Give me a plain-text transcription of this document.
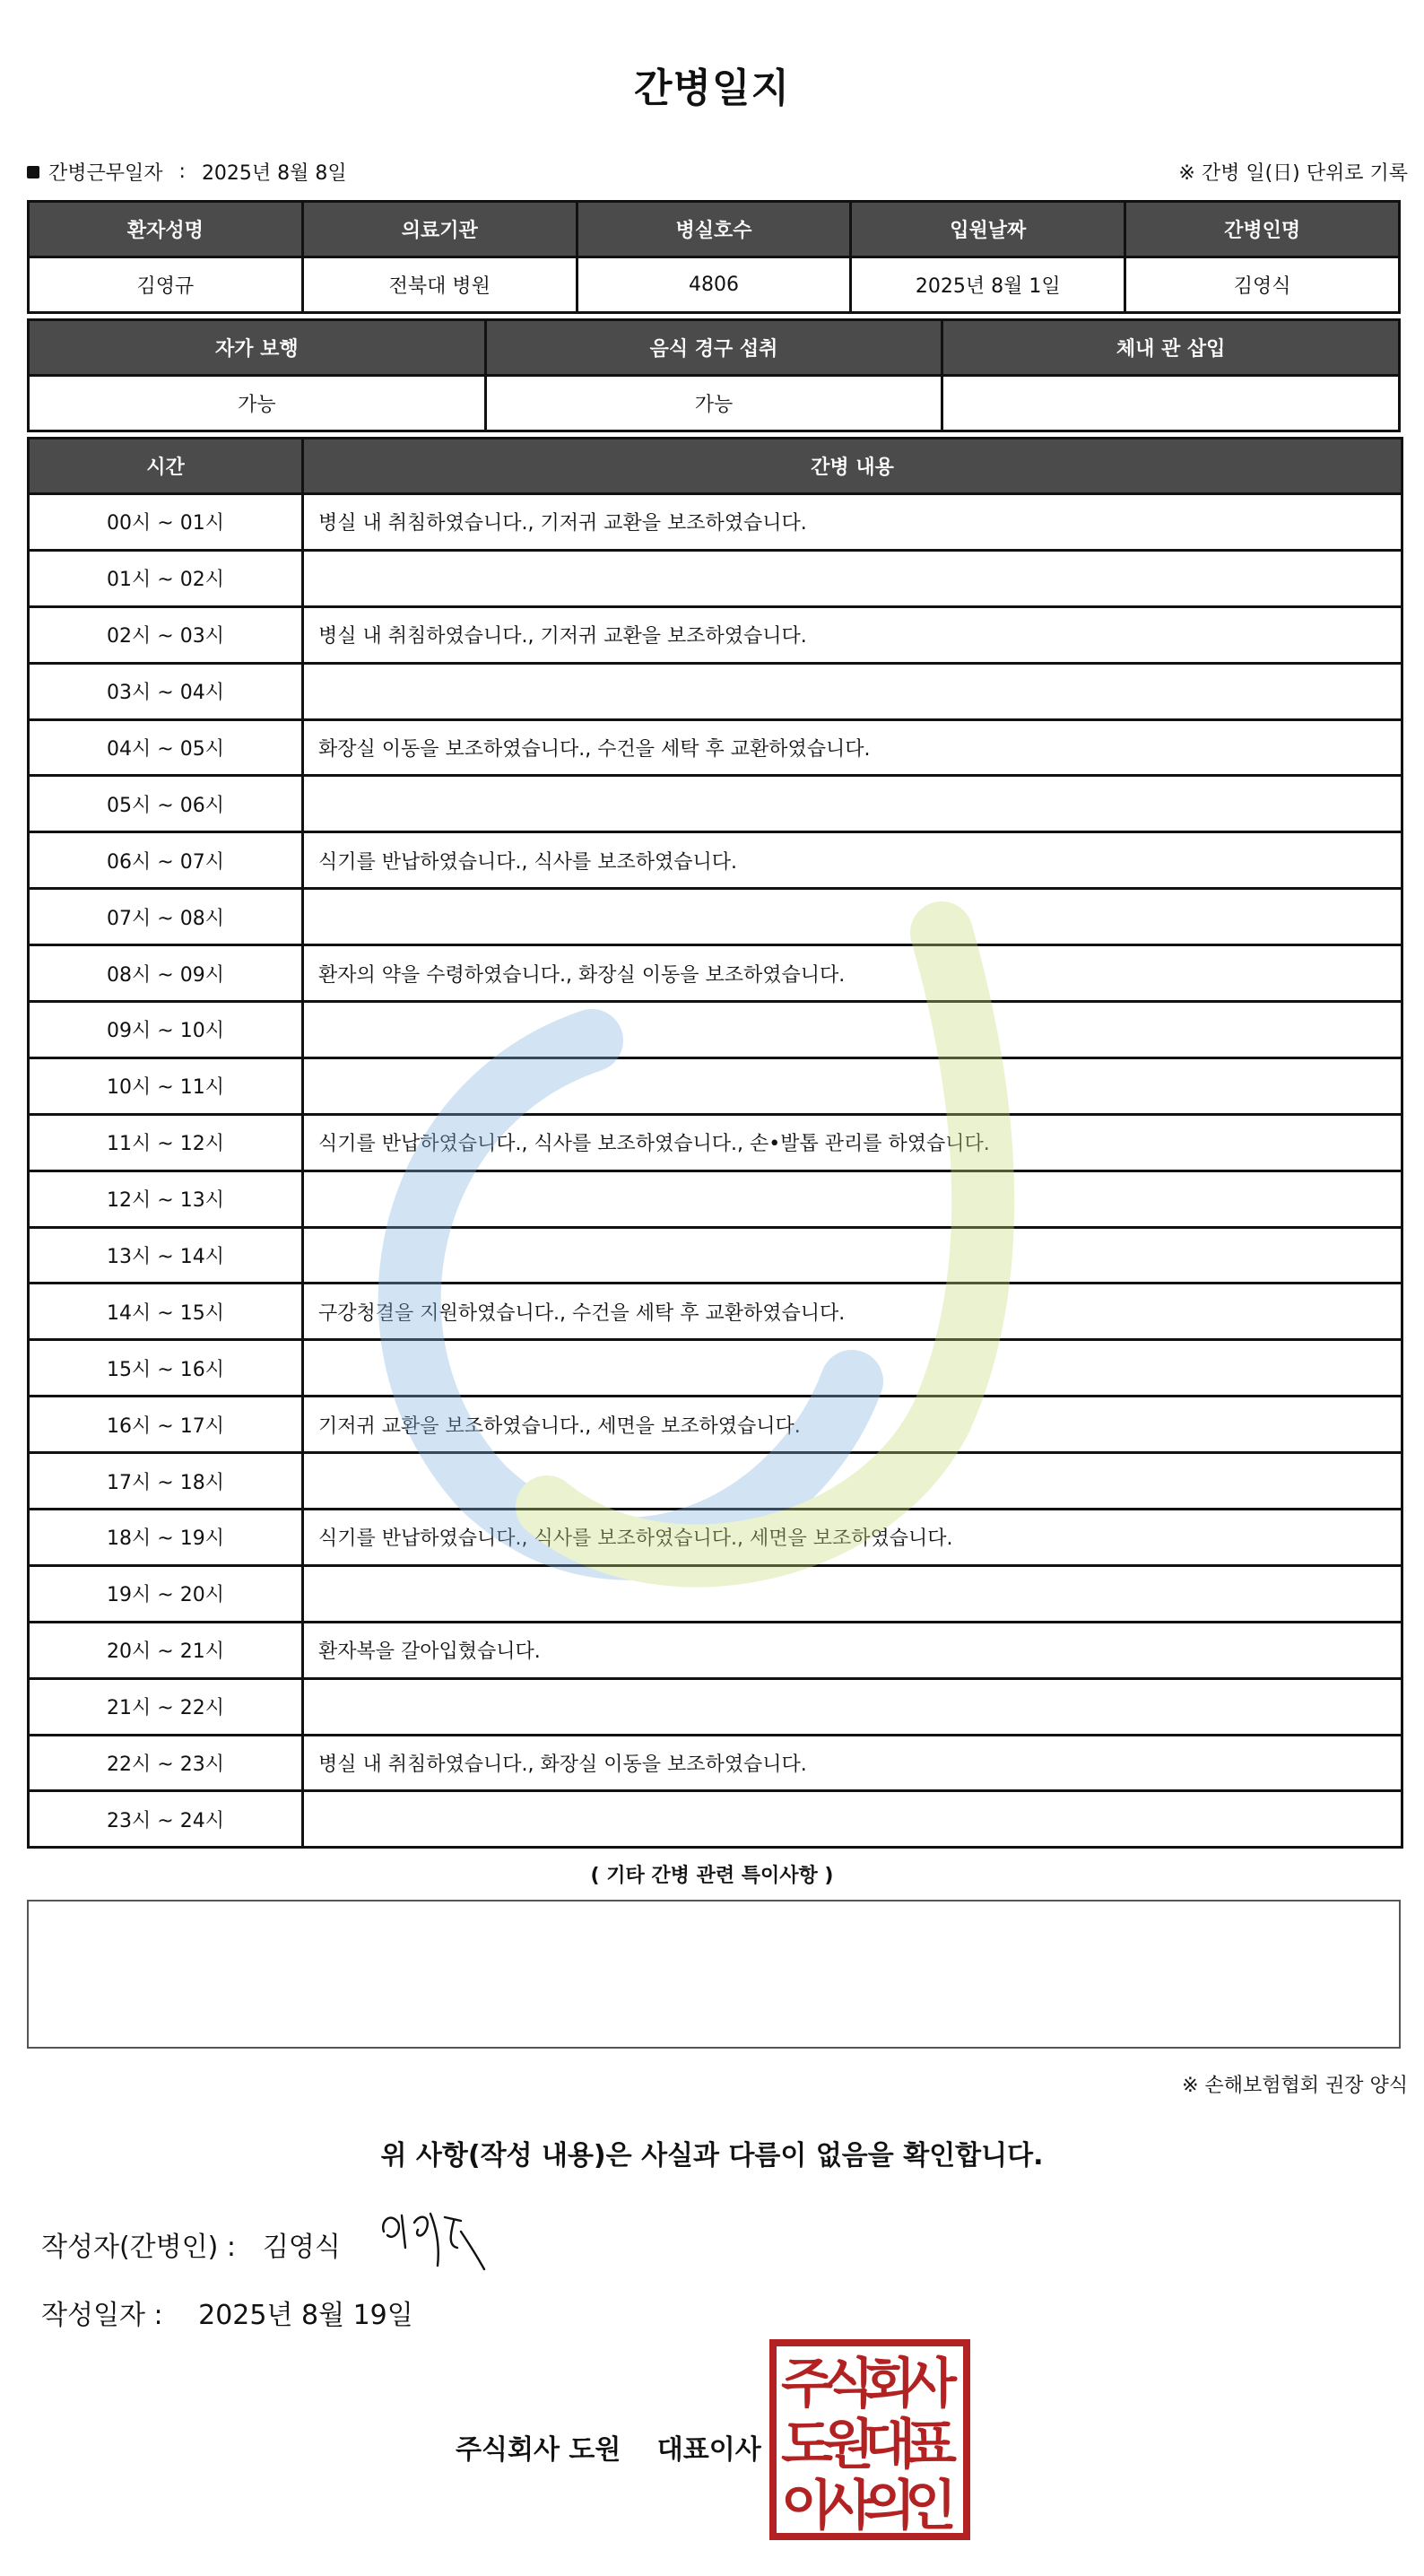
간병일지
간병근무일자 : 2025년 8월 8일	※ 간병 일(日) 단위로 기록
환자성명	의료기관	병실호수	입원날짜	간병인명
김영규	전북대 병원	4806	2025년 8월 1일	김영식
자가 보행	음식 경구 섭취	체내 관 삽입
가능	가능	
시간	간병 내용
00시 ~ 01시	병실 내 취침하였습니다., 기저귀 교환을 보조하였습니다.
01시 ~ 02시	
02시 ~ 03시	병실 내 취침하였습니다., 기저귀 교환을 보조하였습니다.
03시 ~ 04시	
04시 ~ 05시	화장실 이동을 보조하였습니다., 수건을 세탁 후 교환하였습니다.
05시 ~ 06시	
06시 ~ 07시	식기를 반납하였습니다., 식사를 보조하였습니다.
07시 ~ 08시	
08시 ~ 09시	환자의 약을 수령하였습니다., 화장실 이동을 보조하였습니다.
09시 ~ 10시	
10시 ~ 11시	
11시 ~ 12시	식기를 반납하였습니다., 식사를 보조하였습니다., 손•발톱 관리를 하였습니다.
12시 ~ 13시	
13시 ~ 14시	
14시 ~ 15시	구강청결을 지원하였습니다., 수건을 세탁 후 교환하였습니다.
15시 ~ 16시	
16시 ~ 17시	기저귀 교환을 보조하였습니다., 세면을 보조하였습니다.
17시 ~ 18시	
18시 ~ 19시	식기를 반납하였습니다., 식사를 보조하였습니다., 세면을 보조하였습니다.
19시 ~ 20시	
20시 ~ 21시	환자복을 갈아입혔습니다.
21시 ~ 22시	
22시 ~ 23시	병실 내 취침하였습니다., 화장실 이동을 보조하였습니다.
23시 ~ 24시	
( 기타 간병 관련 특이사항 )
※ 손해보험협회 권장 양식
위 사항(작성 내용)은 사실과 다름이 없음을 확인합니다.
작성자(간병인) : 김영식
작성일자 : 2025년 8월 19일
주식회사 도원 대표이사
주
식
회
사
도
원
대
표
이
사
의
인
